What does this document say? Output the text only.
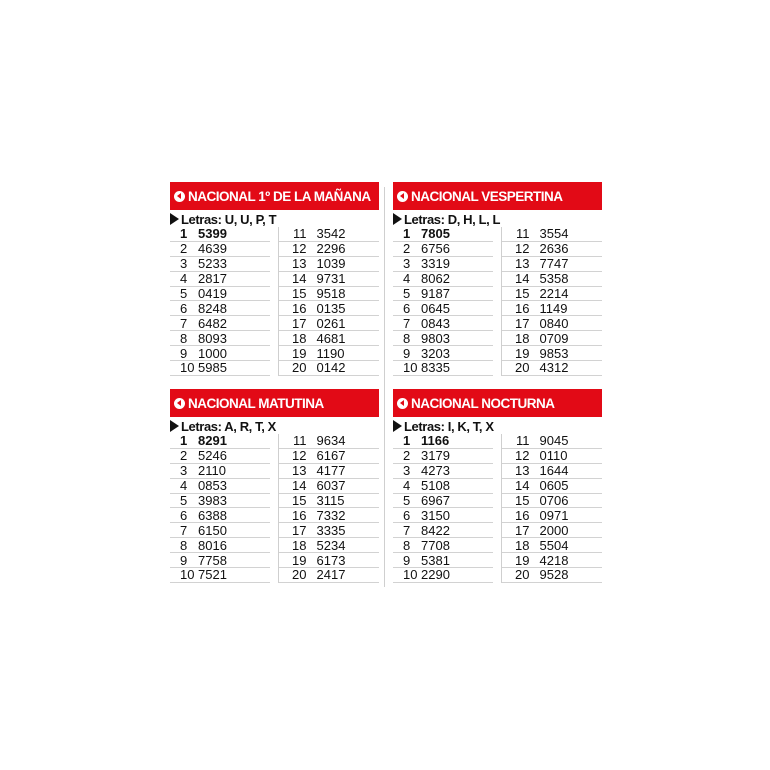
NACIONAL 1º DE LA MAÑANA
Letras: U, U, P, T
1 5399
2 4639
3 5233
4 2817
5 0419
6 8248
7 6482
8 8093
9 1000
10 5985
11 3542
12 2296
13 1039
14 9731
15 9518
16 0135
17 0261
18 4681
19 1190
20 0142
NACIONAL VESPERTINA
Letras: D, H, L, L
1 7805
2 6756
3 3319
4 8062
5 9187
6 0645
7 0843
8 9803
9 3203
10 8335
11 3554
12 2636
13 7747
14 5358
15 2214
16 1149
17 0840
18 0709
19 9853
20 4312
NACIONAL MATUTINA
Letras: A, R, T, X
1 8291
2 5246
3 2110
4 0853
5 3983
6 6388
7 6150
8 8016
9 7758
10 7521
11 9634
12 6167
13 4177
14 6037
15 3115
16 7332
17 3335
18 5234
19 6173
20 2417
NACIONAL NOCTURNA
Letras: I, K, T, X
1 1166
2 3179
3 4273
4 5108
5 6967
6 3150
7 8422
8 7708
9 5381
10 2290
11 9045
12 0110
13 1644
14 0605
15 0706
16 0971
17 2000
18 5504
19 4218
20 9528
